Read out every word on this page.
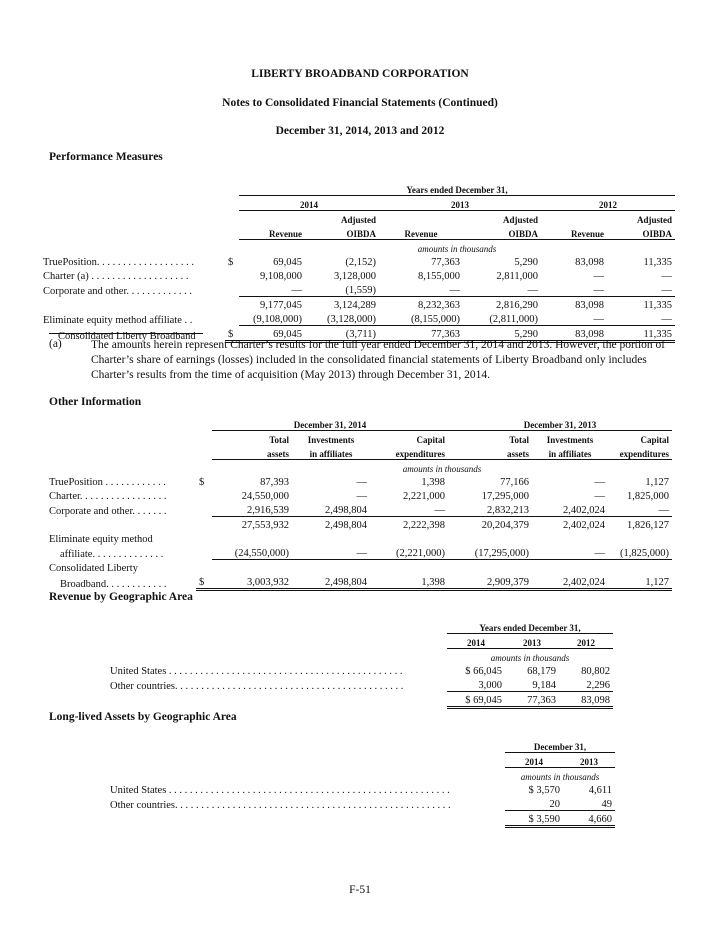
LIBERTY BROADBAND CORPORATION
Notes to Consolidated Financial Statements (Continued)
December 31, 2014, 2013 and 2012
Performance Measures
		Years ended December 31,					
		2014		2013		2012	
			Adjusted		Adjusted		Adjusted
		Revenue	OIBDA	Revenue	OIBDA	Revenue	OIBDA
		amounts in thousands					
TruePosition. . . . . . . . . . . . . . . . . . .	$	69,045	(2,152)	77,363	5,290	83,098	11,335
Charter (a) . . . . . . . . . . . . . . . . . . .		9,108,000	3,128,000	8,155,000	2,811,000	—	—
Corporate and other. . . . . . . . . . . . .		—	(1,559)	—	—	—	—
		9,177,045	3,124,289	8,232,363	2,816,290	83,098	11,335
Eliminate equity method affiliate . .		(9,108,000)	(3,128,000)	(8,155,000)	(2,811,000)	—	—
Consolidated Liberty Broadband	$	69,045	(3,711)	77,363	5,290	83,098	11,335
(a)	The amounts herein represent Charter’s results for the full year ended December 31, 2014 and 2013. However, the portion of Charter’s share of earnings (losses) included in the consolidated financial statements of Liberty Broadband only includes Charter’s results from the time of acquisition (May 2013) through December 31, 2014.
Other Information
		December 31, 2014			December 31, 2013		
		Total	Investments	Capital	Total	Investments	Capital
		assets	in affiliates	expenditures	assets	in affiliates	expenditures
		amounts in thousands					
TruePosition . . . . . . . . . . . .	$	87,393	—	1,398	77,166	—	1,127
Charter. . . . . . . . . . . . . . . . .		24,550,000	—	2,221,000	17,295,000	—	1,825,000
Corporate and other. . . . . . .		2,916,539	2,498,804	—	2,832,213	2,402,024	—
		27,553,932	2,498,804	2,222,398	20,204,379	2,402,024	1,826,127
Eliminate equity method							
affiliate. . . . . . . . . . . . . .		(24,550,000)	—	(2,221,000)	(17,295,000)	—	(1,825,000)
Consolidated Liberty							
Broadband. . . . . . . . . . . .	$	3,003,932	2,498,804	1,398	2,909,379	2,402,024	1,127
Revenue by Geographic Area
	Years ended December 31,		
	2014	2013	2012
	amounts in thousands		
United States . . . . . . . . . . . . . . . . . . . . . . . . . . . . . . . . . . . . . . . . . . . . .	$ 66,045	68,179	80,802
Other countries. . . . . . . . . . . . . . . . . . . . . . . . . . . . . . . . . . . . . . . . . . . .	3,000	9,184	2,296
	$ 69,045	77,363	83,098
Long-lived Assets by Geographic Area
	December 31,	
	2014	2013
	amounts in thousands	
United States . . . . . . . . . . . . . . . . . . . . . . . . . . . . . . . . . . . . . . . . . . . . . . . . . . . . . .	$ 3,570	4,611
Other countries. . . . . . . . . . . . . . . . . . . . . . . . . . . . . . . . . . . . . . . . . . . . . . . . . . . . .	20	49
	$ 3,590	4,660
F-51
